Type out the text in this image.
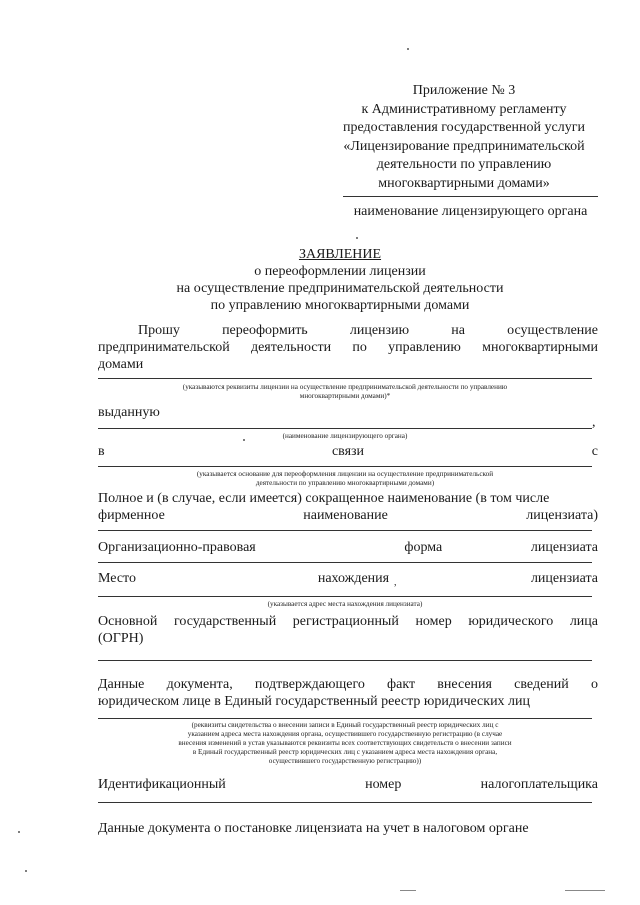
Приложение № 3
к Административному регламенту
предоставления государственной услуги
«Лицензирование предпринимательской
деятельности по управлению
многоквартирными домами»
наименование лицензирующего органа
ЗАЯВЛЕНИЕ
о переоформлении лицензии
на осуществление предпринимательской деятельности
по управлению многоквартирными домами
Прошу	переоформить	лицензию	на	осуществление
предпринимательской деятельности по управлению многоквартирными
домами
(указываются реквизиты лицензии на осуществление предпринимательской деятельности по управлению
многоквартирными домами)*
выданную
,
(наименование лицензирующего органа)
в	связи	с
(указывается основание для переоформления лицензии на осуществление предпринимательской
деятельности по управлению многоквартирными домами)
Полное и (в случае, если имеется) сокращенное наименование (в том числе
фирменное	наименование	лицензиата)
Организационно-правовая	форма	лицензиата
Место	нахождения	лицензиата
,
(указывается адрес места нахождения лицензиата)
Основной государственный регистрационный номер юридического лица
(ОГРН)
Данные документа, подтверждающего факт внесения сведений о
юридическом лице в Единый государственный реестр юридических лиц
(реквизиты свидетельства о внесении записи в Единый государственный реестр юридических лиц с
указанием адреса места нахождения органа, осуществившего государственную регистрацию (в случае
внесения изменений в устав указываются реквизиты всех соответствующих свидетельств о внесении записи
в Единый государственный реестр юридических лиц с указанием адреса места нахождения органа,
осуществившего государственную регистрацию))
Идентификационный	номер	налогоплательщика
Данные документа о постановке лицензиата на учет в налоговом органе
